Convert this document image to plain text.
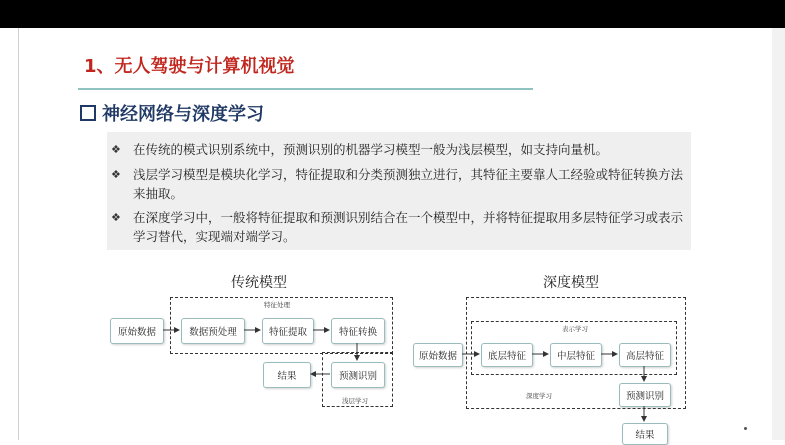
1、无人驾驶与计算机视觉
神经网络与深度学习
❖ 在传统的模式识别系统中，预测识别的机器学习模型一般为浅层模型，如支持向量机。
❖ 浅层学习模型是模块化学习，特征提取和分类预测独立进行，其特征主要靠人工经验或特征转换方法来抽取。
❖ 在深度学习中，一般将特征提取和预测识别结合在一个模型中，并将特征提取用多层特征学习或表示学习替代，实现端对端学习。
传统模型
特征处理
浅层学习
原始数据	数据预处理	特征提取	特征转换
预测识别
结果
深度模型
深度学习
表示学习
原始数据	底层特征	中层特征	高层特征
预测识别
结果
